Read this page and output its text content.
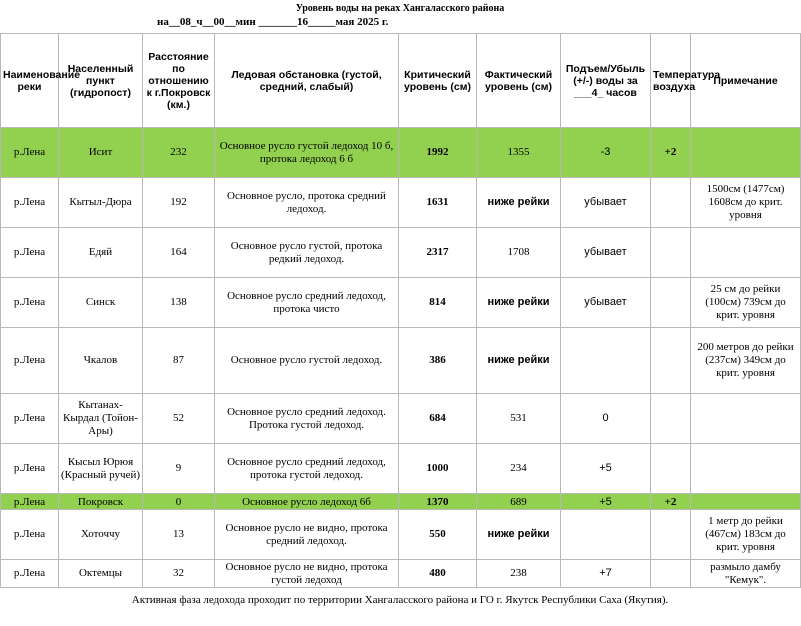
Уровень воды на реках Хангаласского района
на__08_ч__00__мин _______16_____мая 2025 г.
Наименование реки	Населенный пункт (гидропост)	Расстояние по отношению к г.Покровск (км.)	Ледовая обстановка (густой, средний, слабый)	Критический уровень (см)	Фактический уровень (см)	Подъем/Убыль (+/-) воды за ___4_ часов	Температура воздуха	Примечание
р.Лена	Исит	232	Основное русло густой ледоход 10 б, протока ледоход 6 б	1992	1355	-3	+2	
р.Лена	Кытыл-Дюра	192	Основное русло, протока средний ледоход.	1631	ниже рейки	убывает		1500см (1477см) 1608см до крит. уровня
р.Лена	Едяй	164	Основное русло густой, протока редкий ледоход.	2317	1708	убывает		
р.Лена	Синск	138	Основное русло средний ледоход, протока чисто	814	ниже рейки	убывает		25 см до рейки (100см) 739см до крит. уровня
р.Лена	Чкалов	87	Основное русло густой ледоход.	386	ниже рейки			200 метров до рейки (237см) 349см до крит. уровня
р.Лена	Кытанах-Кырдал (Тойон-Ары)	52	Основное русло средний ледоход. Протока густой ледоход.	684	531	0		
р.Лена	Кысыл Юрюя (Красный ручей)	9	Основное русло средний ледоход, протока густой ледоход.	1000	234	+5		
р.Лена	Покровск	0	Основное русло ледоход 6б	1370	689	+5	+2	
р.Лена	Хоточчу	13	Основное русло не видно, протока средний ледоход.	550	ниже рейки			1 метр до рейки (467см) 183см до крит. уровня
р.Лена	Октемцы	32	Основное русло не видно, протока густой ледоход	480	238	+7		размыло дамбу "Кемук".
Активная фаза ледохода проходит по территории Хангаласского района и ГО г. Якутск Республики Саха (Якутия).
